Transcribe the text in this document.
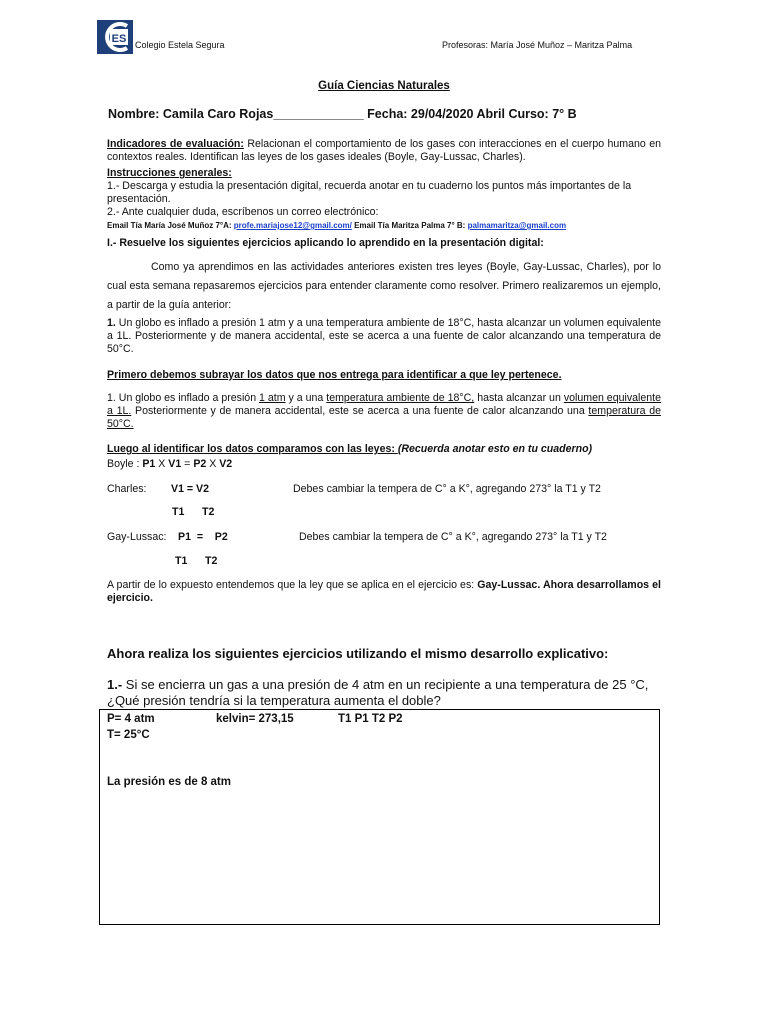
ES Colegio Estela Segura	Profesoras: María José Muñoz – Maritza Palma
Guía Ciencias Naturales
Nombre: Camila Caro Rojas_____________ Fecha: 29/04/2020 Abril Curso: 7° B
Indicadores de evaluación: Relacionan el comportamiento de los gases con interacciones en el cuerpo humano en contextos reales. Identifican las leyes de los gases ideales (Boyle, Gay-Lussac, Charles).
Instrucciones generales:
1.- Descarga y estudia la presentación digital, recuerda anotar en tu cuaderno los puntos más importantes de la presentación.
2.- Ante cualquier duda, escríbenos un correo electrónico:
Email Tía María José Muñoz 7°A: profe.mariajose12@gmail.com/ Email Tía Maritza Palma 7° B: palmamaritza@gmail.com
I.- Resuelve los siguientes ejercicios aplicando lo aprendido en la presentación digital:
Como ya aprendimos en las actividades anteriores existen tres leyes (Boyle, Gay-Lussac, Charles), por lo cual esta semana repasaremos ejercicios para entender claramente como resolver. Primero realizaremos un ejemplo, a partir de la guía anterior:
1. Un globo es inflado a presión 1 atm y a una temperatura ambiente de 18°C, hasta alcanzar un volumen equivalente a 1L. Posteriormente y de manera accidental, este se acerca a una fuente de calor alcanzando una temperatura de 50°C.
Primero debemos subrayar los datos que nos entrega para identificar a que ley pertenece.
1. Un globo es inflado a presión 1 atm y a una temperatura ambiente de 18°C, hasta alcanzar un volumen equivalente a 1L. Posteriormente y de manera accidental, este se acerca a una fuente de calor alcanzando una temperatura de 50°C.
Luego al identificar los datos comparamos con las leyes: (Recuerda anotar esto en tu cuaderno)
Boyle : P1 X V1 = P2 X V2
Charles:	V1 = V2	Debes cambiar la tempera de C° a K°, agregando 273° la T1 y T2
T1      T2
Gay-Lussac:	P1  =    P2	Debes cambiar la tempera de C° a K°, agregando 273° la T1 y T2
T1      T2
A partir de lo expuesto entendemos que la ley que se aplica en el ejercicio es: Gay-Lussac. Ahora desarrollamos el ejercicio.
Ahora realiza los siguientes ejercicios utilizando el mismo desarrollo explicativo:
1.- Si se encierra un gas a una presión de 4 atm en un recipiente a una temperatura de 25 °C, ¿Qué presión tendría si la temperatura aumenta el doble?
P= 4 atm	kelvin= 273,15	T1 P1 T2 P2
T= 25°C
La presión es de 8 atm
